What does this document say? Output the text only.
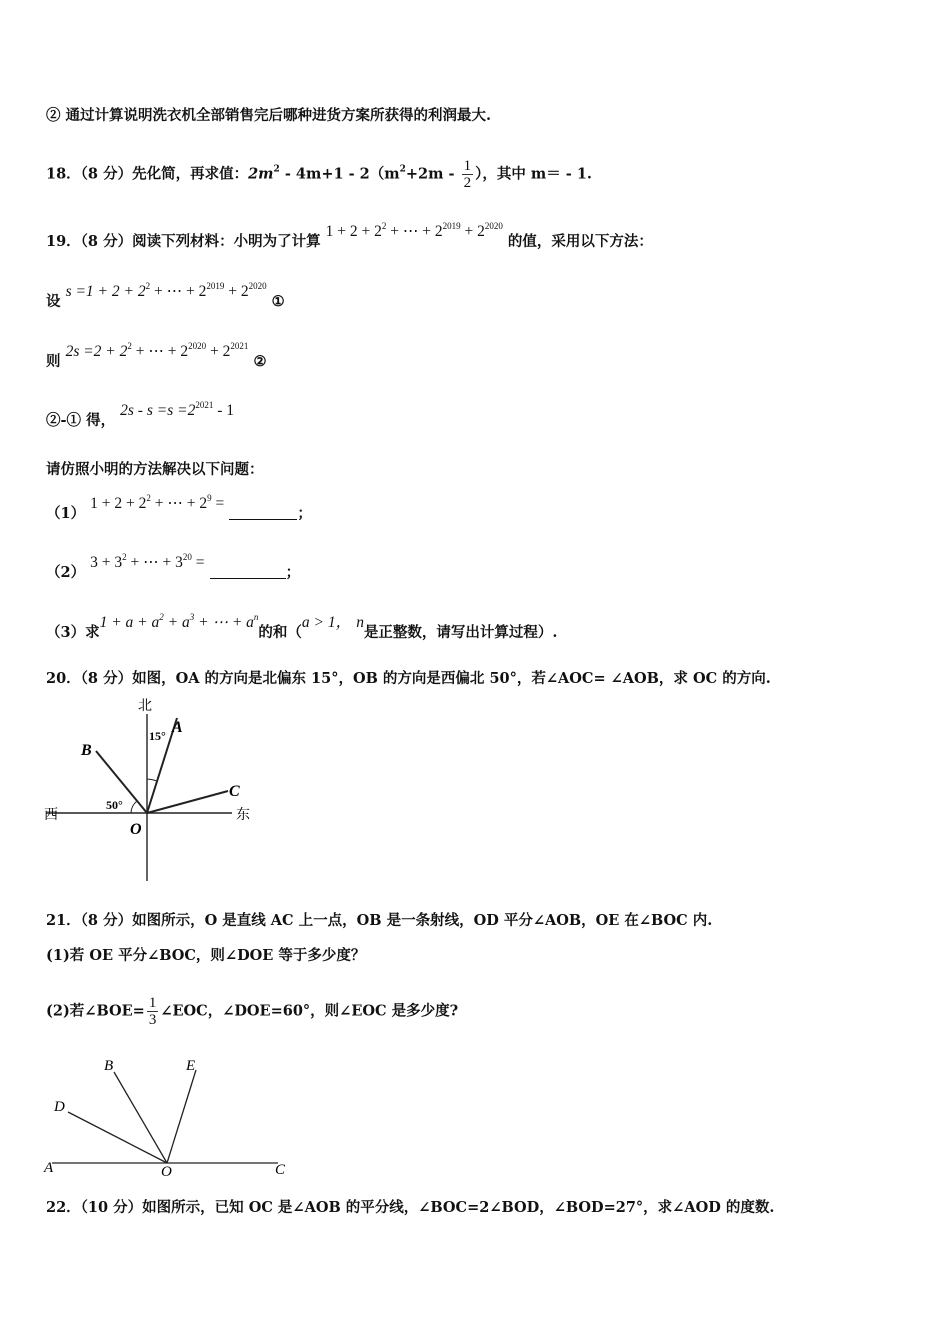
② 通过计算说明洗衣机全部销售完后哪种进货方案所获得的利润最大.
18．（8 分）先化简，再求值：$2m^2 - 4m+1 - 2(m^2+2m - \frac{1}{2}$ ），其中 m＝ - 1.
19．（8 分）阅读下列材料：小明为了计算 $1 + 2 + 2^2$ + ⋯ + $2^{2019} + 2^{2020}$ 的值，采用以下方法：
设 $s =1 + 2 + 2^2$ + ⋯ + $2^{2019} + 2^{2020}$ ①
则 $2s =2 + 2^2$ + ⋯ + $2^{2020} + 2^{2021}$ ②
②-① 得， $2s - s =s =2^{2021} - 1$
请仿照小明的方法解决以下问题：
（1） $1 + 2 + 2^2$ + ⋯ + $2^9$ = ；
（2） $3 + 3^2$ + ⋯ + $3^{20}$ = ；
（3）求$1 + a + a^2 + a^3$ + ⋯ + $a^n$的和（a > 1， n是正整数，请写出计算过程）.
20．（8 分）如图，OA 的方向是北偏东 15°，OB 的方向是西偏北 50°，若∠AOC= ∠AOB，求 OC 的方向.
北
西	东
A
B
C
O
15°
50°
21．（8 分）如图所示，O 是直线 AC 上一点，OB 是一条射线，OD 平分∠AOB，OE 在∠BOC 内.
(1)若 OE 平分∠BOC，则∠DOE 等于多少度？
(2)若∠BOE= $\frac{1}{3}$ ∠EOC，∠DOE=60°，则∠EOC 是多少度?
A
B
C
D
E
O
22．（10 分）如图所示，已知 OC 是∠AOB 的平分线，∠BOC=2∠BOD，∠BOD=27°，求∠AOD 的度数.
